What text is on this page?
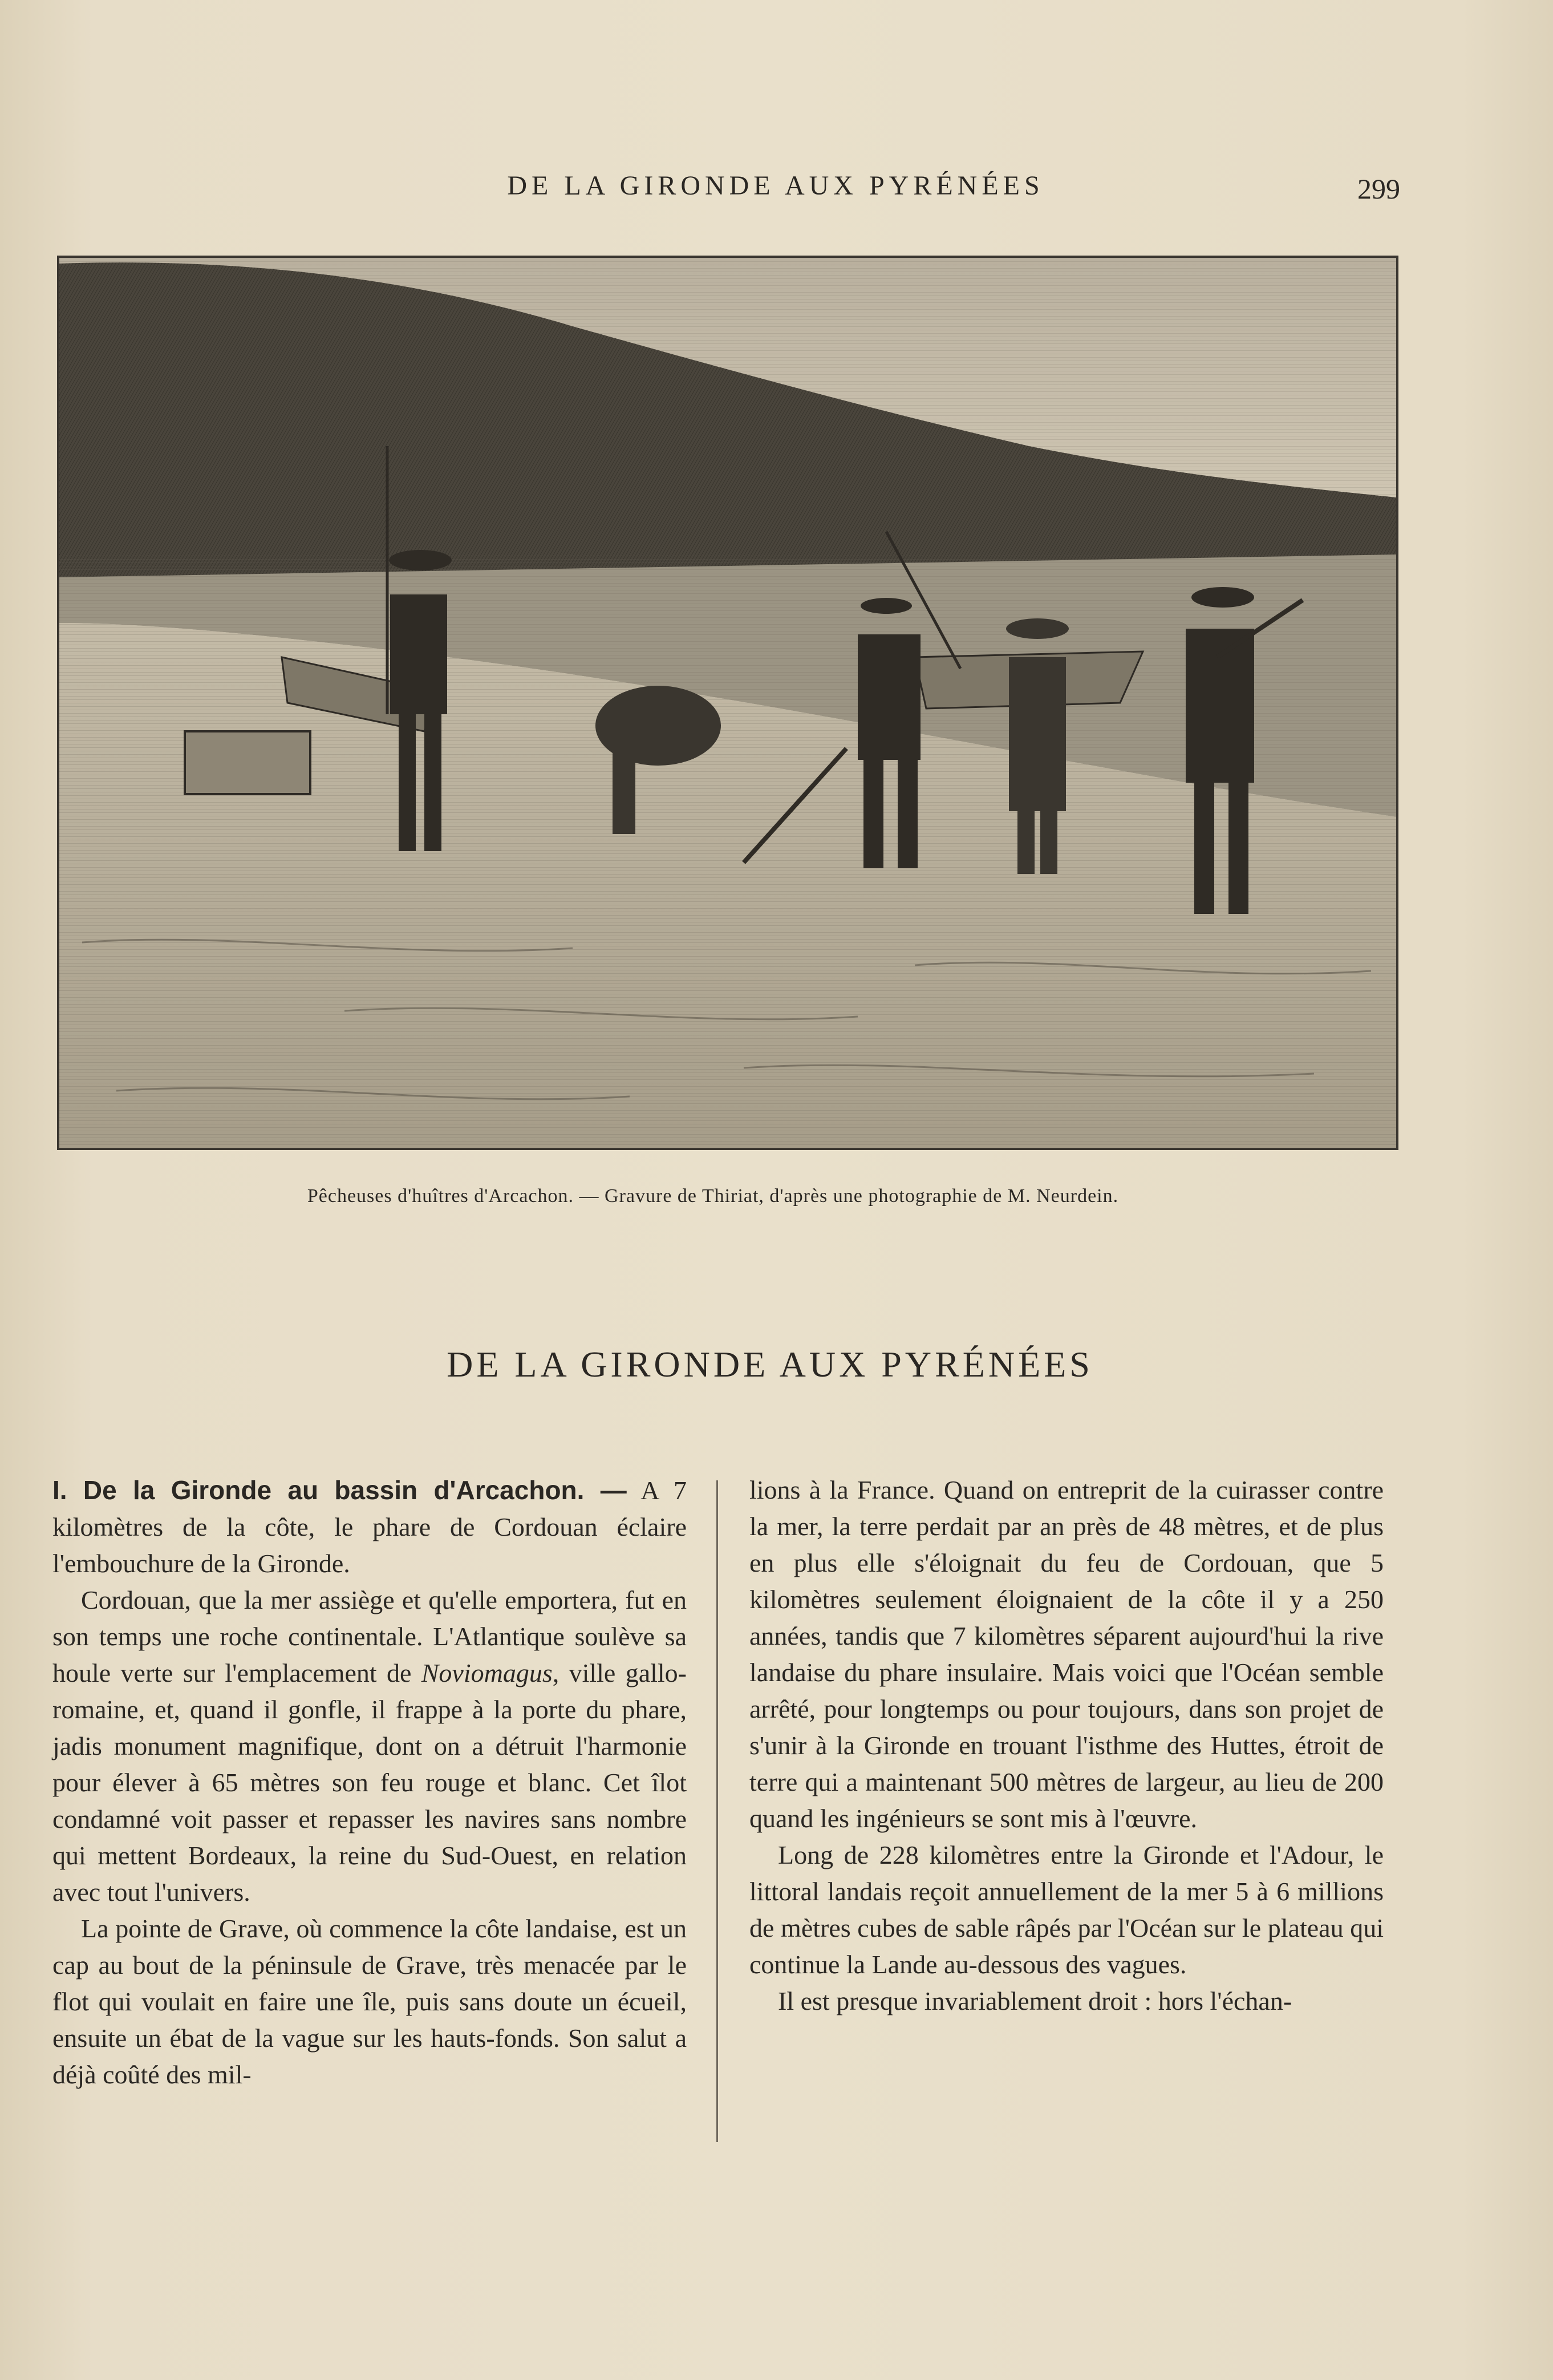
DE LA GIRONDE AUX PYRÉNÉES	299
Pêcheuses d'huîtres d'Arcachon. — Gravure de Thiriat, d'après une photographie de M. Neurdein.
DE LA GIRONDE AUX PYRÉNÉES

I. De la Gironde au bassin d'Arcachon. — A 7 kilomètres de la côte, le phare de Cordouan éclaire l'embouchure de la Gironde.

Cordouan, que la mer assiège et qu'elle emportera, fut en son temps une roche continentale. L'Atlantique soulève sa houle verte sur l'emplacement de Noviomagus, ville gallo-romaine, et, quand il gonfle, il frappe à la porte du phare, jadis monument magnifique, dont on a détruit l'harmonie pour élever à 65 mètres son feu rouge et blanc. Cet îlot condamné voit passer et repasser les navires sans nombre qui mettent Bordeaux, la reine du Sud-Ouest, en relation avec tout l'univers.

La pointe de Grave, où commence la côte landaise, est un cap au bout de la péninsule de Grave, très menacée par le flot qui voulait en faire une île, puis sans doute un écueil, ensuite un ébat de la vague sur les hauts-fonds. Son salut a déjà coûté des mil-

lions à la France. Quand on entreprit de la cuirasser contre la mer, la terre perdait par an près de 48 mètres, et de plus en plus elle s'éloignait du feu de Cordouan, que 5 kilomètres seulement éloignaient de la côte il y a 250 années, tandis que 7 kilomètres séparent aujourd'hui la rive landaise du phare insulaire. Mais voici que l'Océan semble arrêté, pour longtemps ou pour toujours, dans son projet de s'unir à la Gironde en trouant l'isthme des Huttes, étroit de terre qui a maintenant 500 mètres de largeur, au lieu de 200 quand les ingénieurs se sont mis à l'œuvre.

Long de 228 kilomètres entre la Gironde et l'Adour, le littoral landais reçoit annuellement de la mer 5 à 6 millions de mètres cubes de sable râpés par l'Océan sur le plateau qui continue la Lande au-dessous des vagues.

Il est presque invariablement droit : hors l'échan-
